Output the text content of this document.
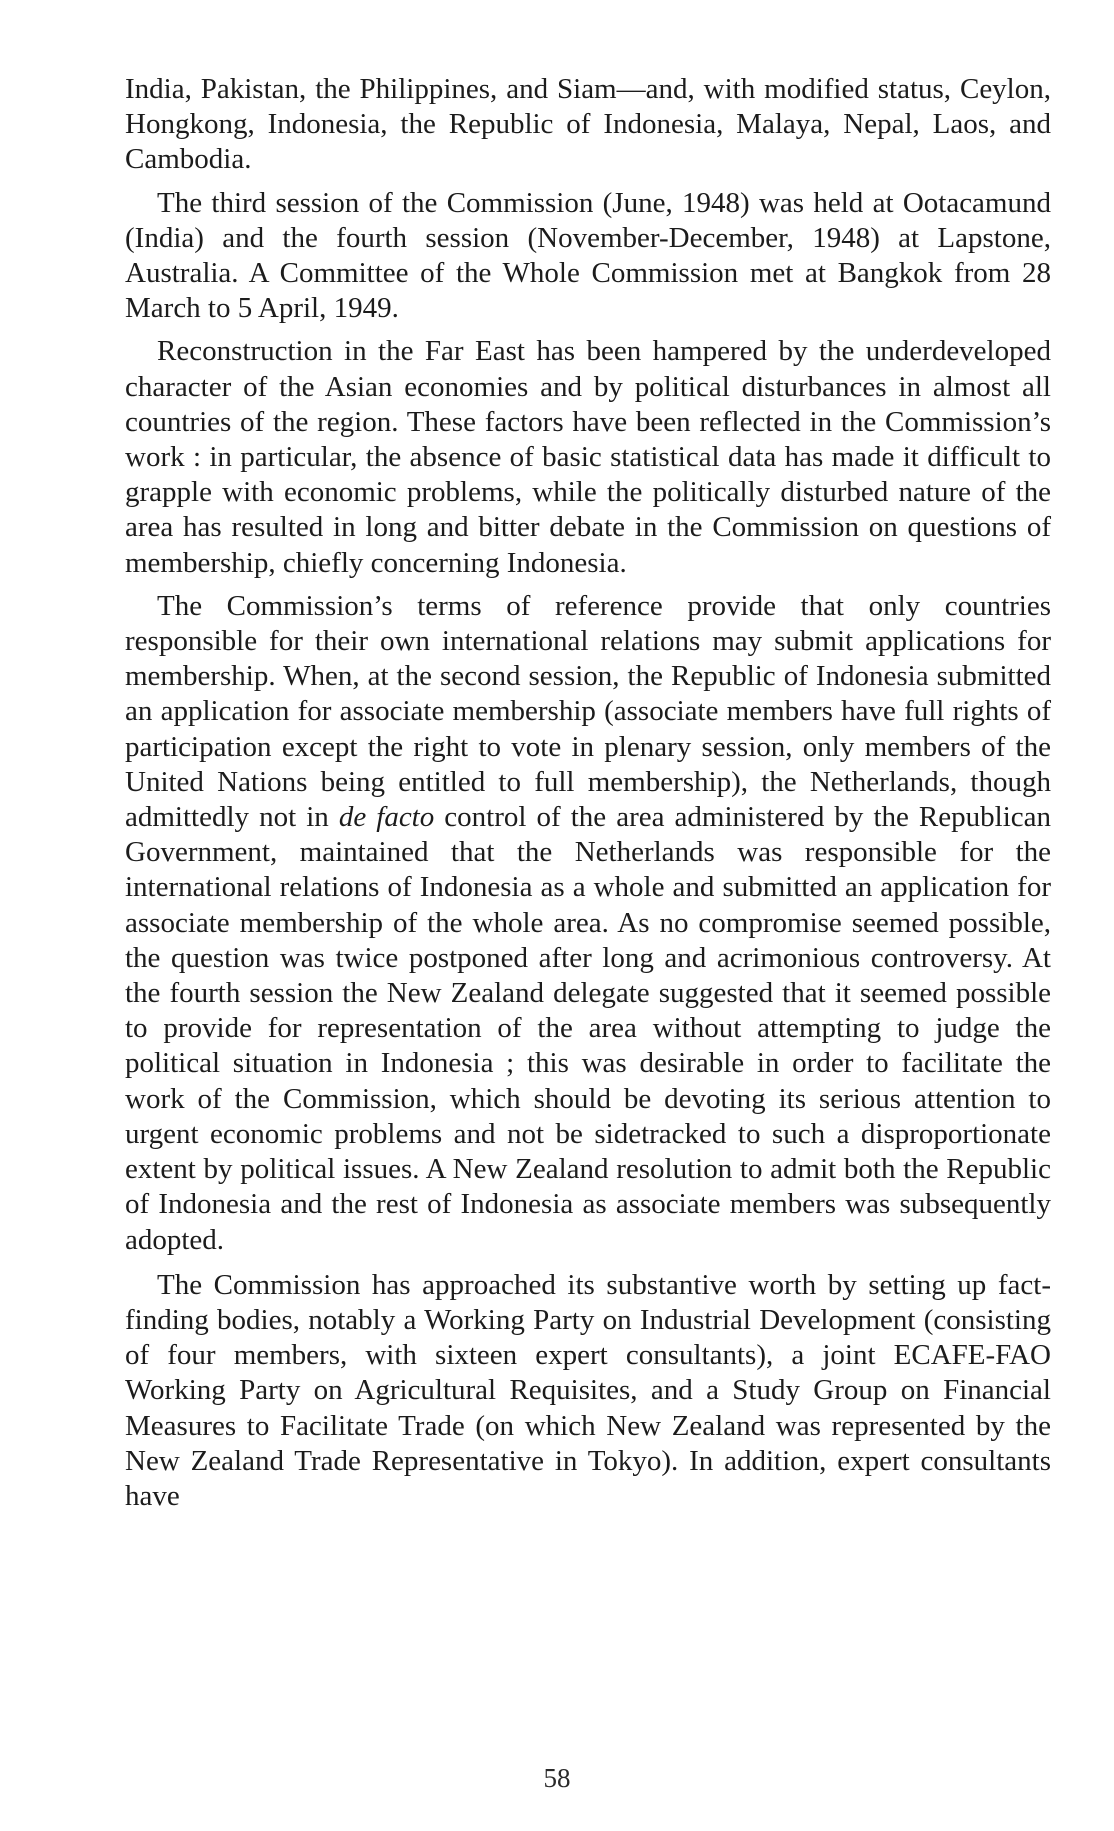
India, Pakistan, the Philippines, and Siam—and, with modified status, Ceylon, Hongkong, Indonesia, the Republic of Indonesia, Malaya, Nepal, Laos, and Cambodia.

The third session of the Commission (June, 1948) was held at Ootacamund (India) and the fourth session (November-December, 1948) at Lapstone, Australia. A Committee of the Whole Commission met at Bangkok from 28 March to 5 April, 1949.

Reconstruction in the Far East has been hampered by the underdeveloped character of the Asian economies and by political disturbances in almost all countries of the region. These factors have been reflected in the Commission’s work : in particular, the absence of basic statistical data has made it difficult to grapple with economic problems, while the politically disturbed nature of the area has resulted in long and bitter debate in the Commission on questions of membership, chiefly concerning Indonesia.

The Commission’s terms of reference provide that only countries responsible for their own international relations may submit applications for membership. When, at the second session, the Republic of Indonesia submitted an application for associate membership (associate members have full rights of participation except the right to vote in plenary session, only members of the United Nations being entitled to full membership), the Netherlands, though admittedly not in de facto control of the area administered by the Republican Government, maintained that the Netherlands was responsible for the international relations of Indonesia as a whole and submitted an application for associate membership of the whole area. As no compromise seemed possible, the question was twice postponed after long and acrimonious controversy. At the fourth session the New Zealand delegate suggested that it seemed possible to provide for representation of the area without attempting to judge the political situation in Indonesia ; this was desirable in order to facilitate the work of the Commission, which should be devoting its serious attention to urgent economic problems and not be sidetracked to such a disproportionate extent by political issues. A New Zealand resolution to admit both the Republic of Indonesia and the rest of Indonesia as associate members was subsequently adopted.

The Commission has approached its substantive worth by setting up fact-finding bodies, notably a Working Party on Industrial Development (consisting of four members, with sixteen expert consultants), a joint ECAFE-FAO Working Party on Agricultural Requisites, and a Study Group on Financial Measures to Facilitate Trade (on which New Zealand was represented by the New Zealand Trade Representative in Tokyo). In addition, expert consultants have

58
